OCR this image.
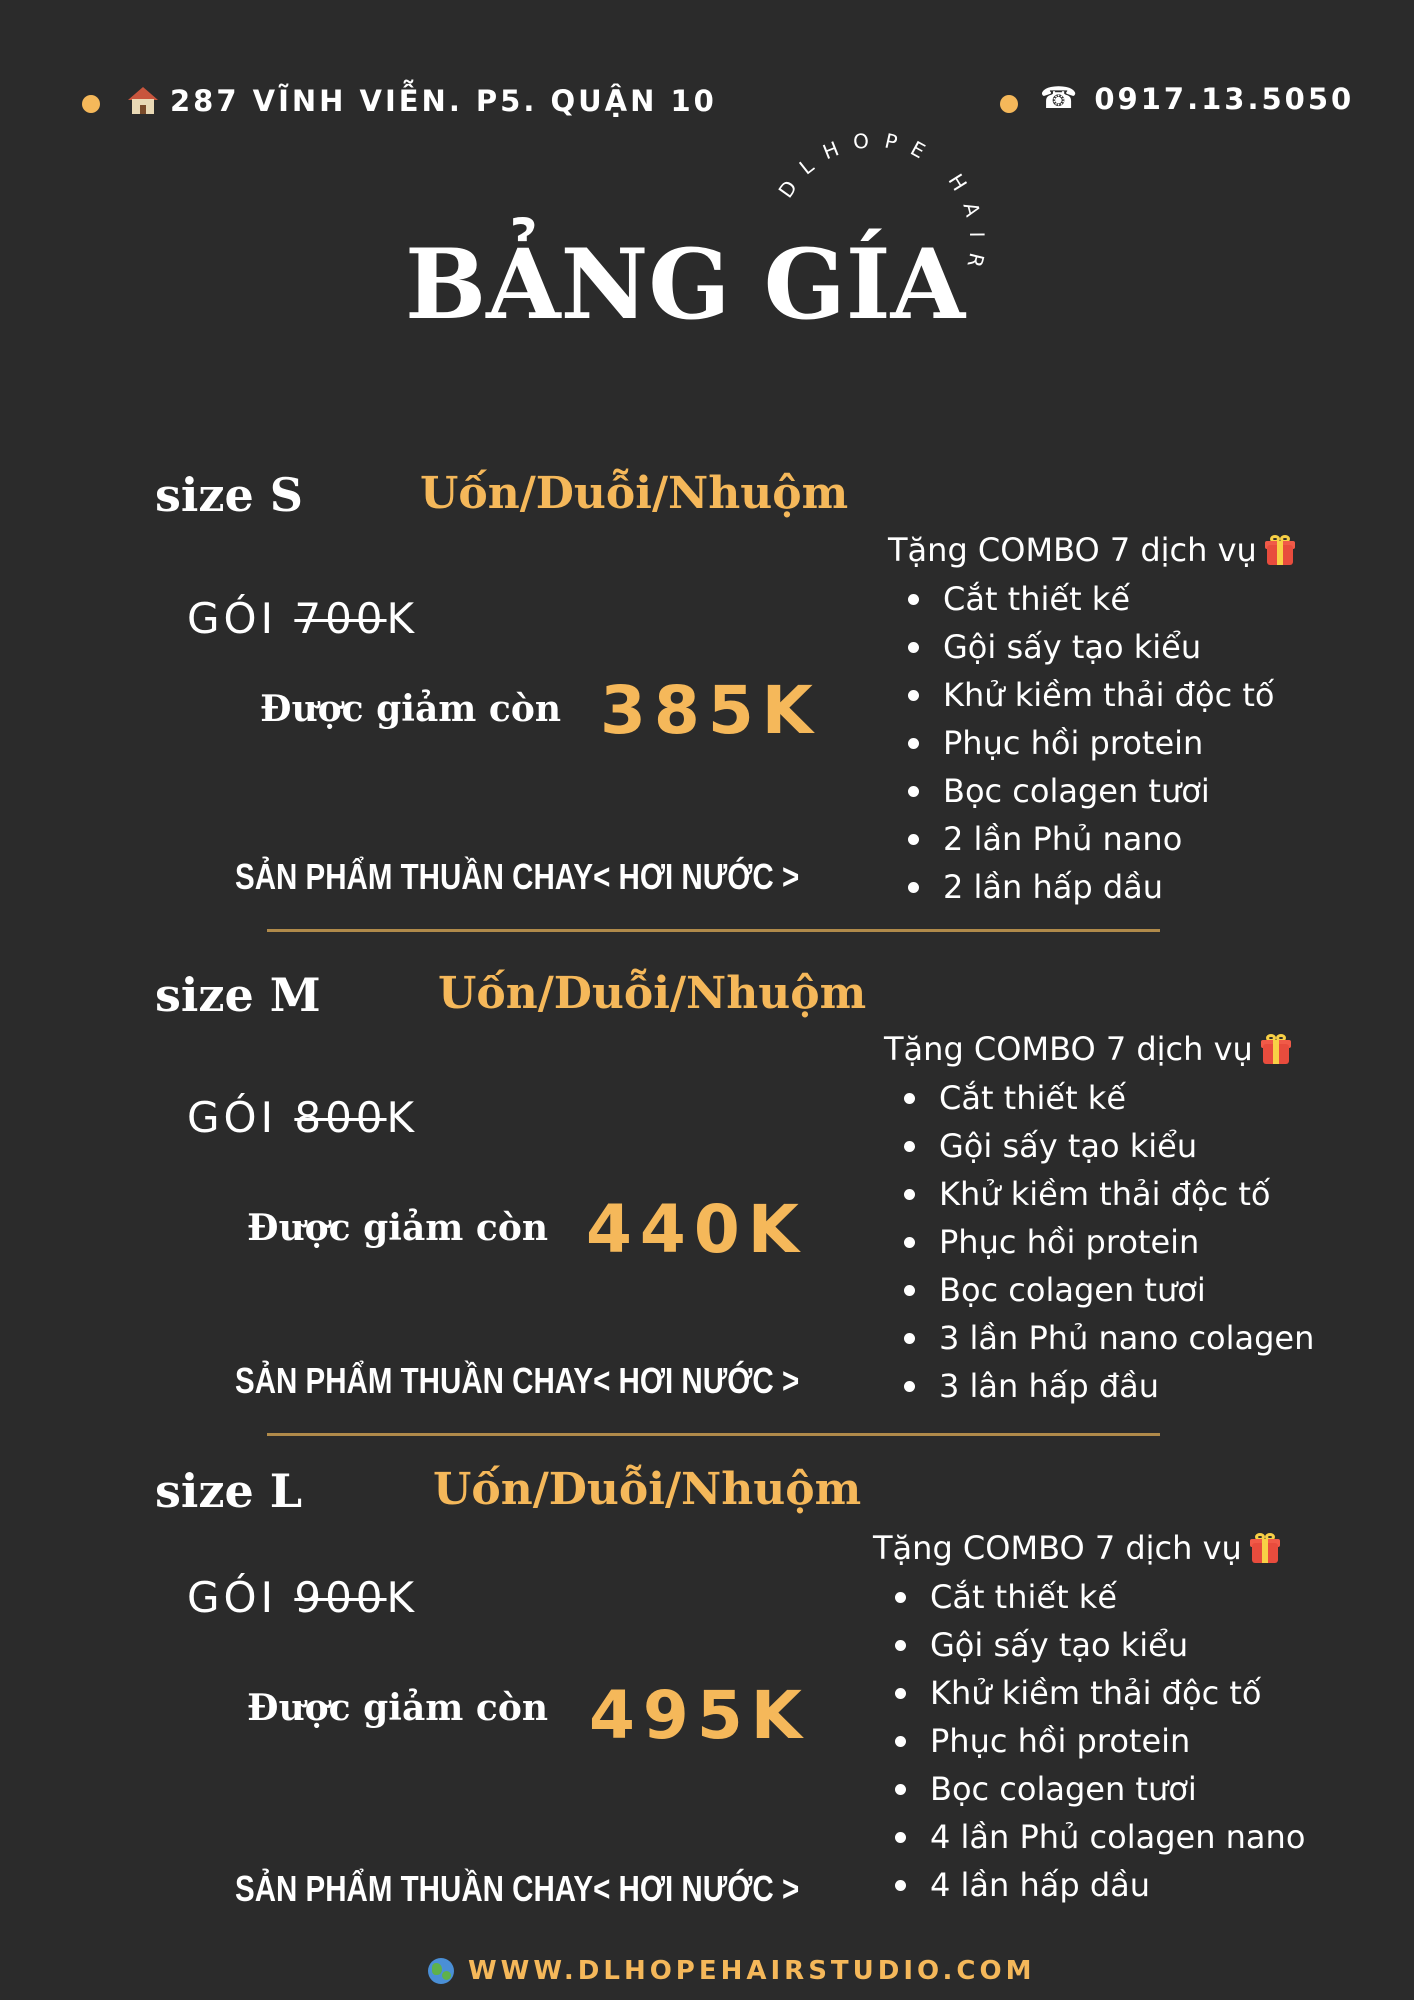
287 VĨNH VIỄN. P5. QUẬN 10	☎ 0917.13.5050
DLHOPE HAIR
BẢNG GÍA
size S	Uốn/Duỗi/Nhuộm
GÓI 700K
Được giảm còn 385K
SẢN PHẨM THUẦN CHAY< HƠI NƯỚC >
Tặng COMBO 7 dịch vụ
Cắt thiết kế
Gội sấy tạo kiểu
Khử kiềm thải độc tố
Phục hồi protein
Bọc colagen tươi
2 lần Phủ nano
2 lần hấp dầu
size M	Uốn/Duỗi/Nhuộm
GÓI 800K
Được giảm còn 440K
SẢN PHẨM THUẦN CHAY< HƠI NƯỚC >
Tặng COMBO 7 dịch vụ
Cắt thiết kế
Gội sấy tạo kiểu
Khử kiềm thải độc tố
Phục hồi protein
Bọc colagen tươi
3 lần Phủ nano colagen
3 lân hấp đầu
size L	Uốn/Duỗi/Nhuộm
GÓI 900K
Được giảm còn 495K
SẢN PHẨM THUẦN CHAY< HƠI NƯỚC >
Tặng COMBO 7 dịch vụ
Cắt thiết kế
Gội sấy tạo kiểu
Khử kiềm thải độc tố
Phục hồi protein
Bọc colagen tươi
4 lần Phủ colagen nano
4 lần hấp dầu
WWW.DLHOPEHAIRSTUDIO.COM
